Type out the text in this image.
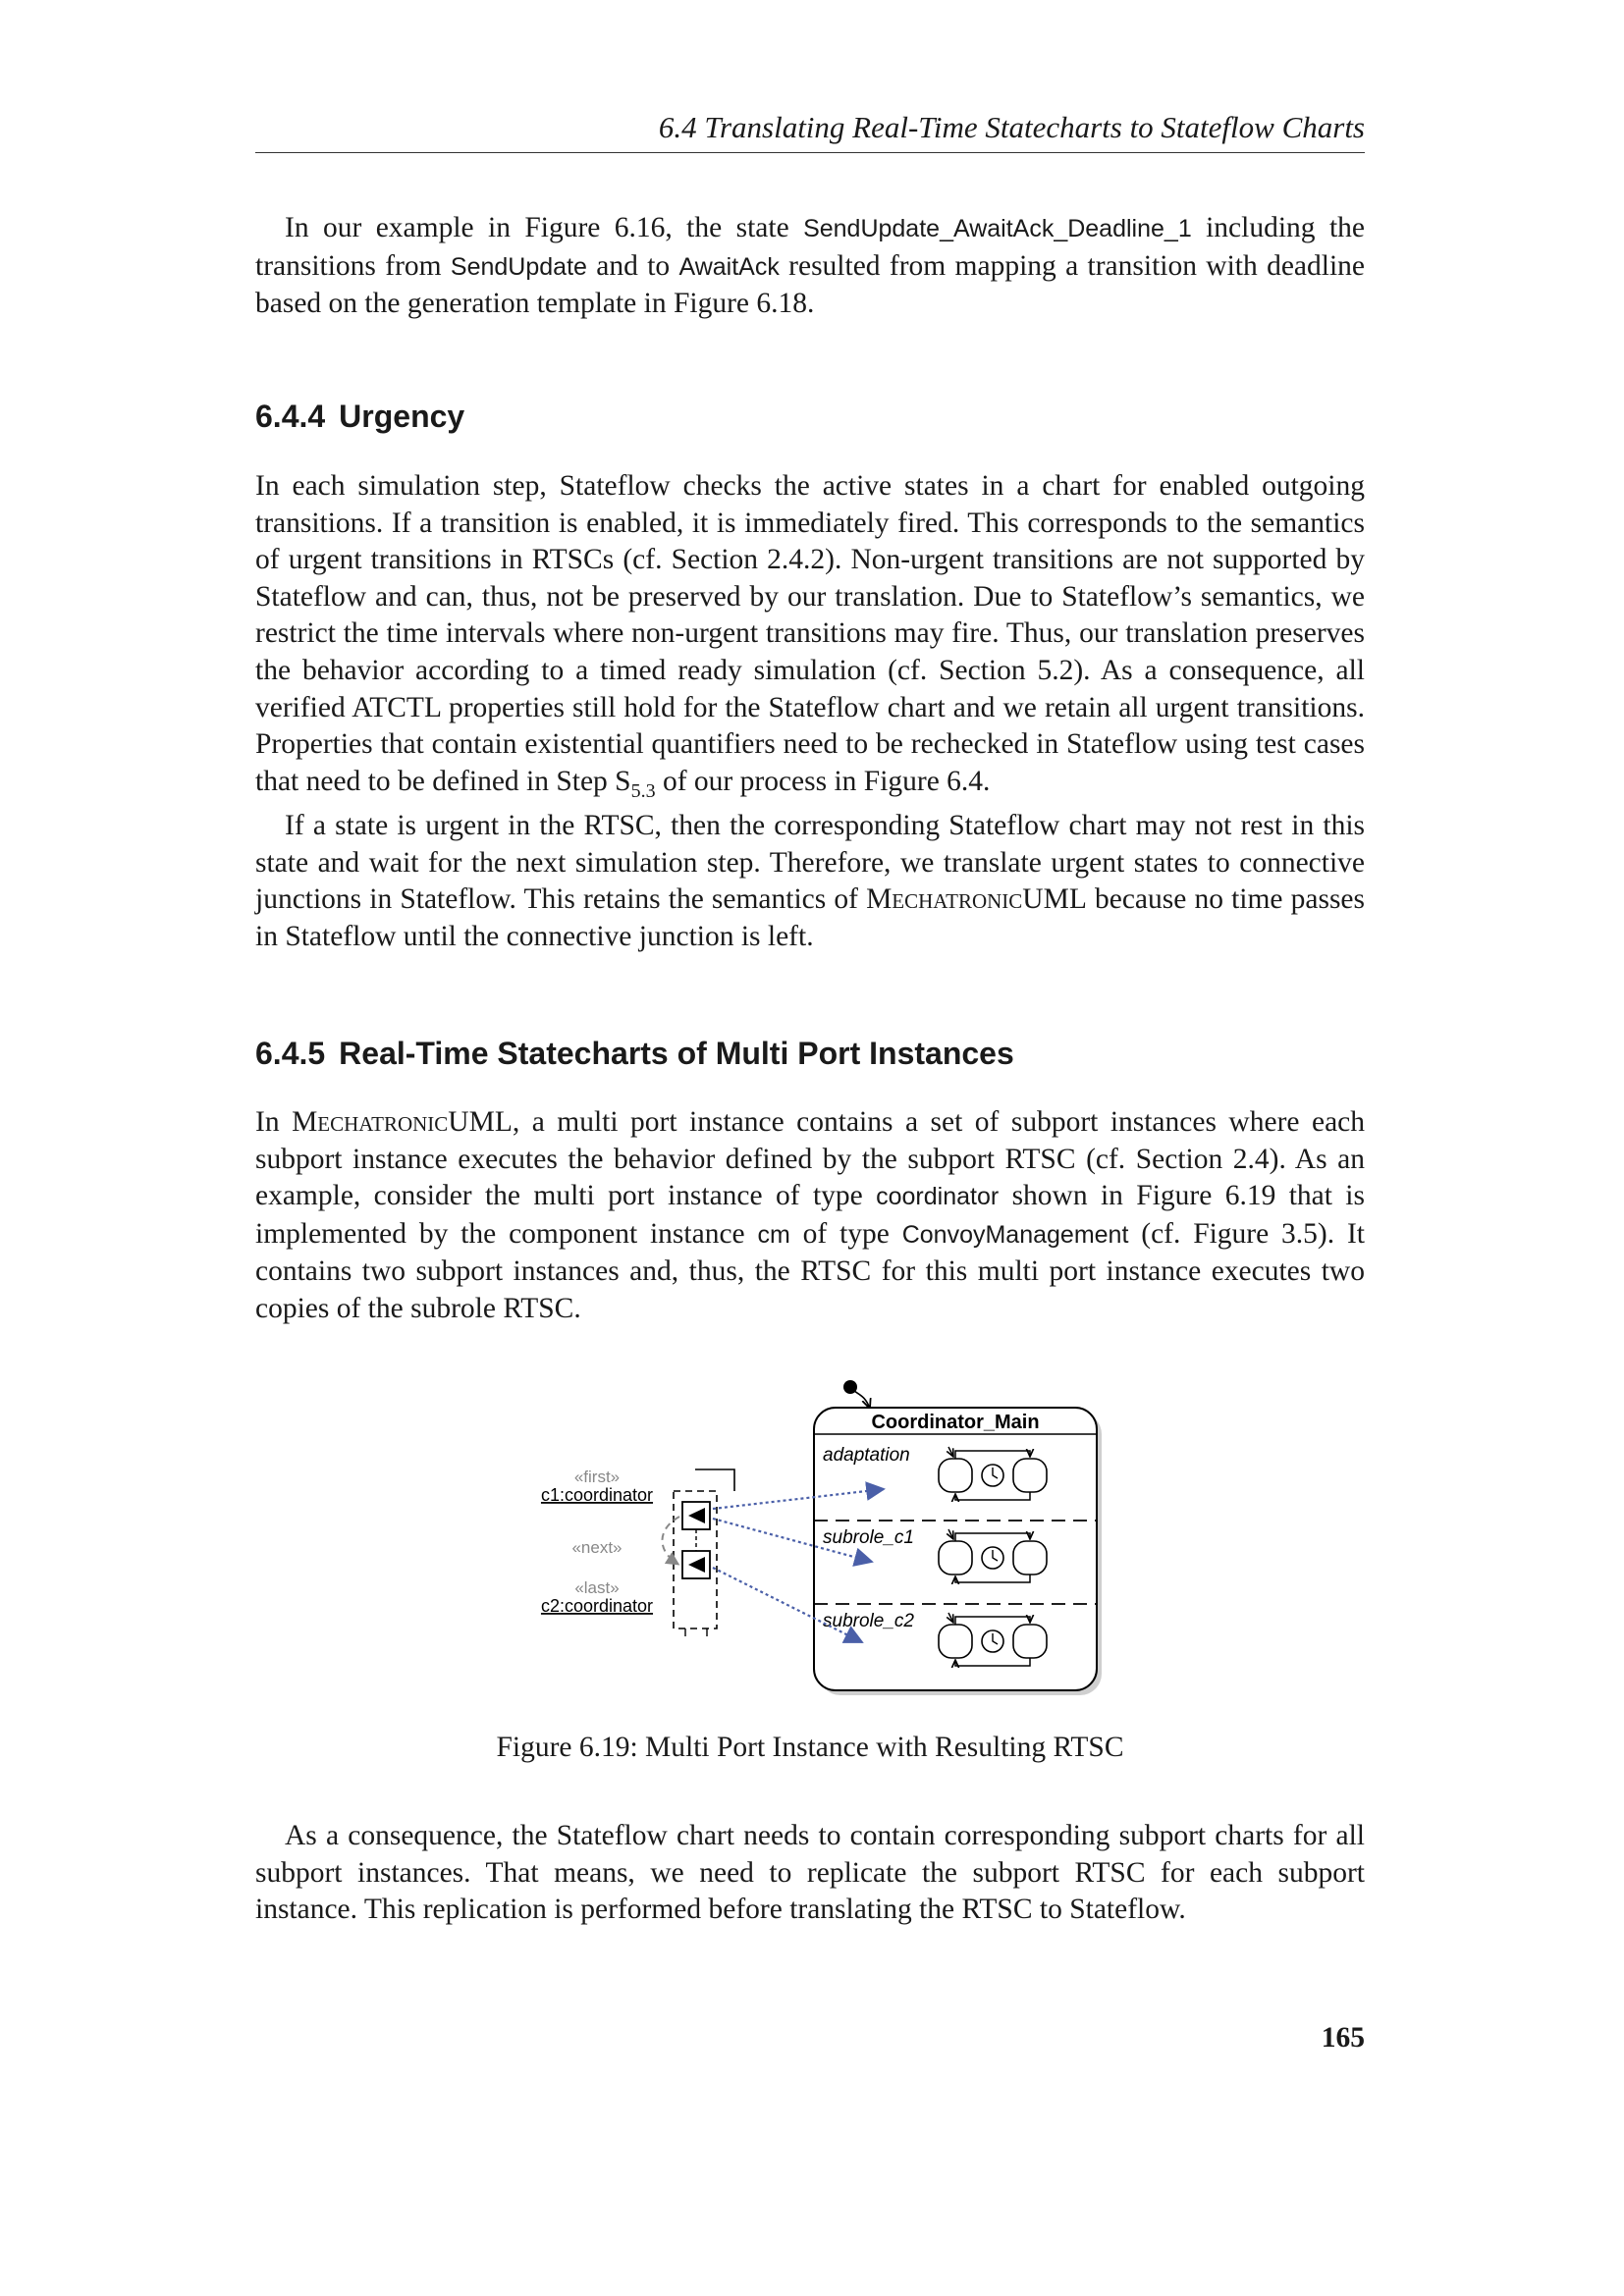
6.4 Translating Real-Time Statecharts to Stateflow Charts

In our example in Figure 6.16, the state SendUpdate_AwaitAck_Deadline_1 including the transitions from SendUpdate and to AwaitAck resulted from mapping a transition with deadline based on the generation template in Figure 6.18.

6.4.4 Urgency

In each simulation step, Stateflow checks the active states in a chart for enabled outgoing transitions. If a transition is enabled, it is immediately fired. This corresponds to the semantics of urgent transitions in RTSCs (cf. Section 2.4.2). Non-urgent transitions are not supported by Stateflow and can, thus, not be preserved by our translation. Due to Stateflow’s semantics, we restrict the time intervals where non-urgent transitions may fire. Thus, our translation preserves the behavior according to a timed ready simulation (cf. Section 5.2). As a consequence, all verified ATCTL properties still hold for the Stateflow chart and we retain all urgent transitions. Properties that contain existential quantifiers need to be rechecked in Stateflow using test cases that need to be defined in Step $S_{5.3}$ of our process in Figure 6.4.

If a state is urgent in the RTSC, then the corresponding Stateflow chart may not rest in this state and wait for the next simulation step. Therefore, we translate urgent states to connective junctions in Stateflow. This retains the semantics of MechatronicUML because no time passes in Stateflow until the connective junction is left.

6.4.5 Real-Time Statecharts of Multi Port Instances

In MechatronicUML, a multi port instance contains a set of subport instances where each subport instance executes the behavior defined by the subport RTSC (cf. Section 2.4). As an example, consider the multi port instance of type coordinator shown in Figure 6.19 that is implemented by the component instance cm of type ConvoyManagement (cf. Figure 3.5). It contains two subport instances and, thus, the RTSC for this multi port instance executes two copies of the subrole RTSC.

Coordinator_Main
adaptation
subrole_c1
subrole_c2
«first»
c1:coordinator
«next»
«last»
c2:coordinator
Figure 6.19: Multi Port Instance with Resulting RTSC

As a consequence, the Stateflow chart needs to contain corresponding subport charts for all subport instances. That means, we need to replicate the subport RTSC for each subport instance. This replication is performed before translating the RTSC to Stateflow.

165
